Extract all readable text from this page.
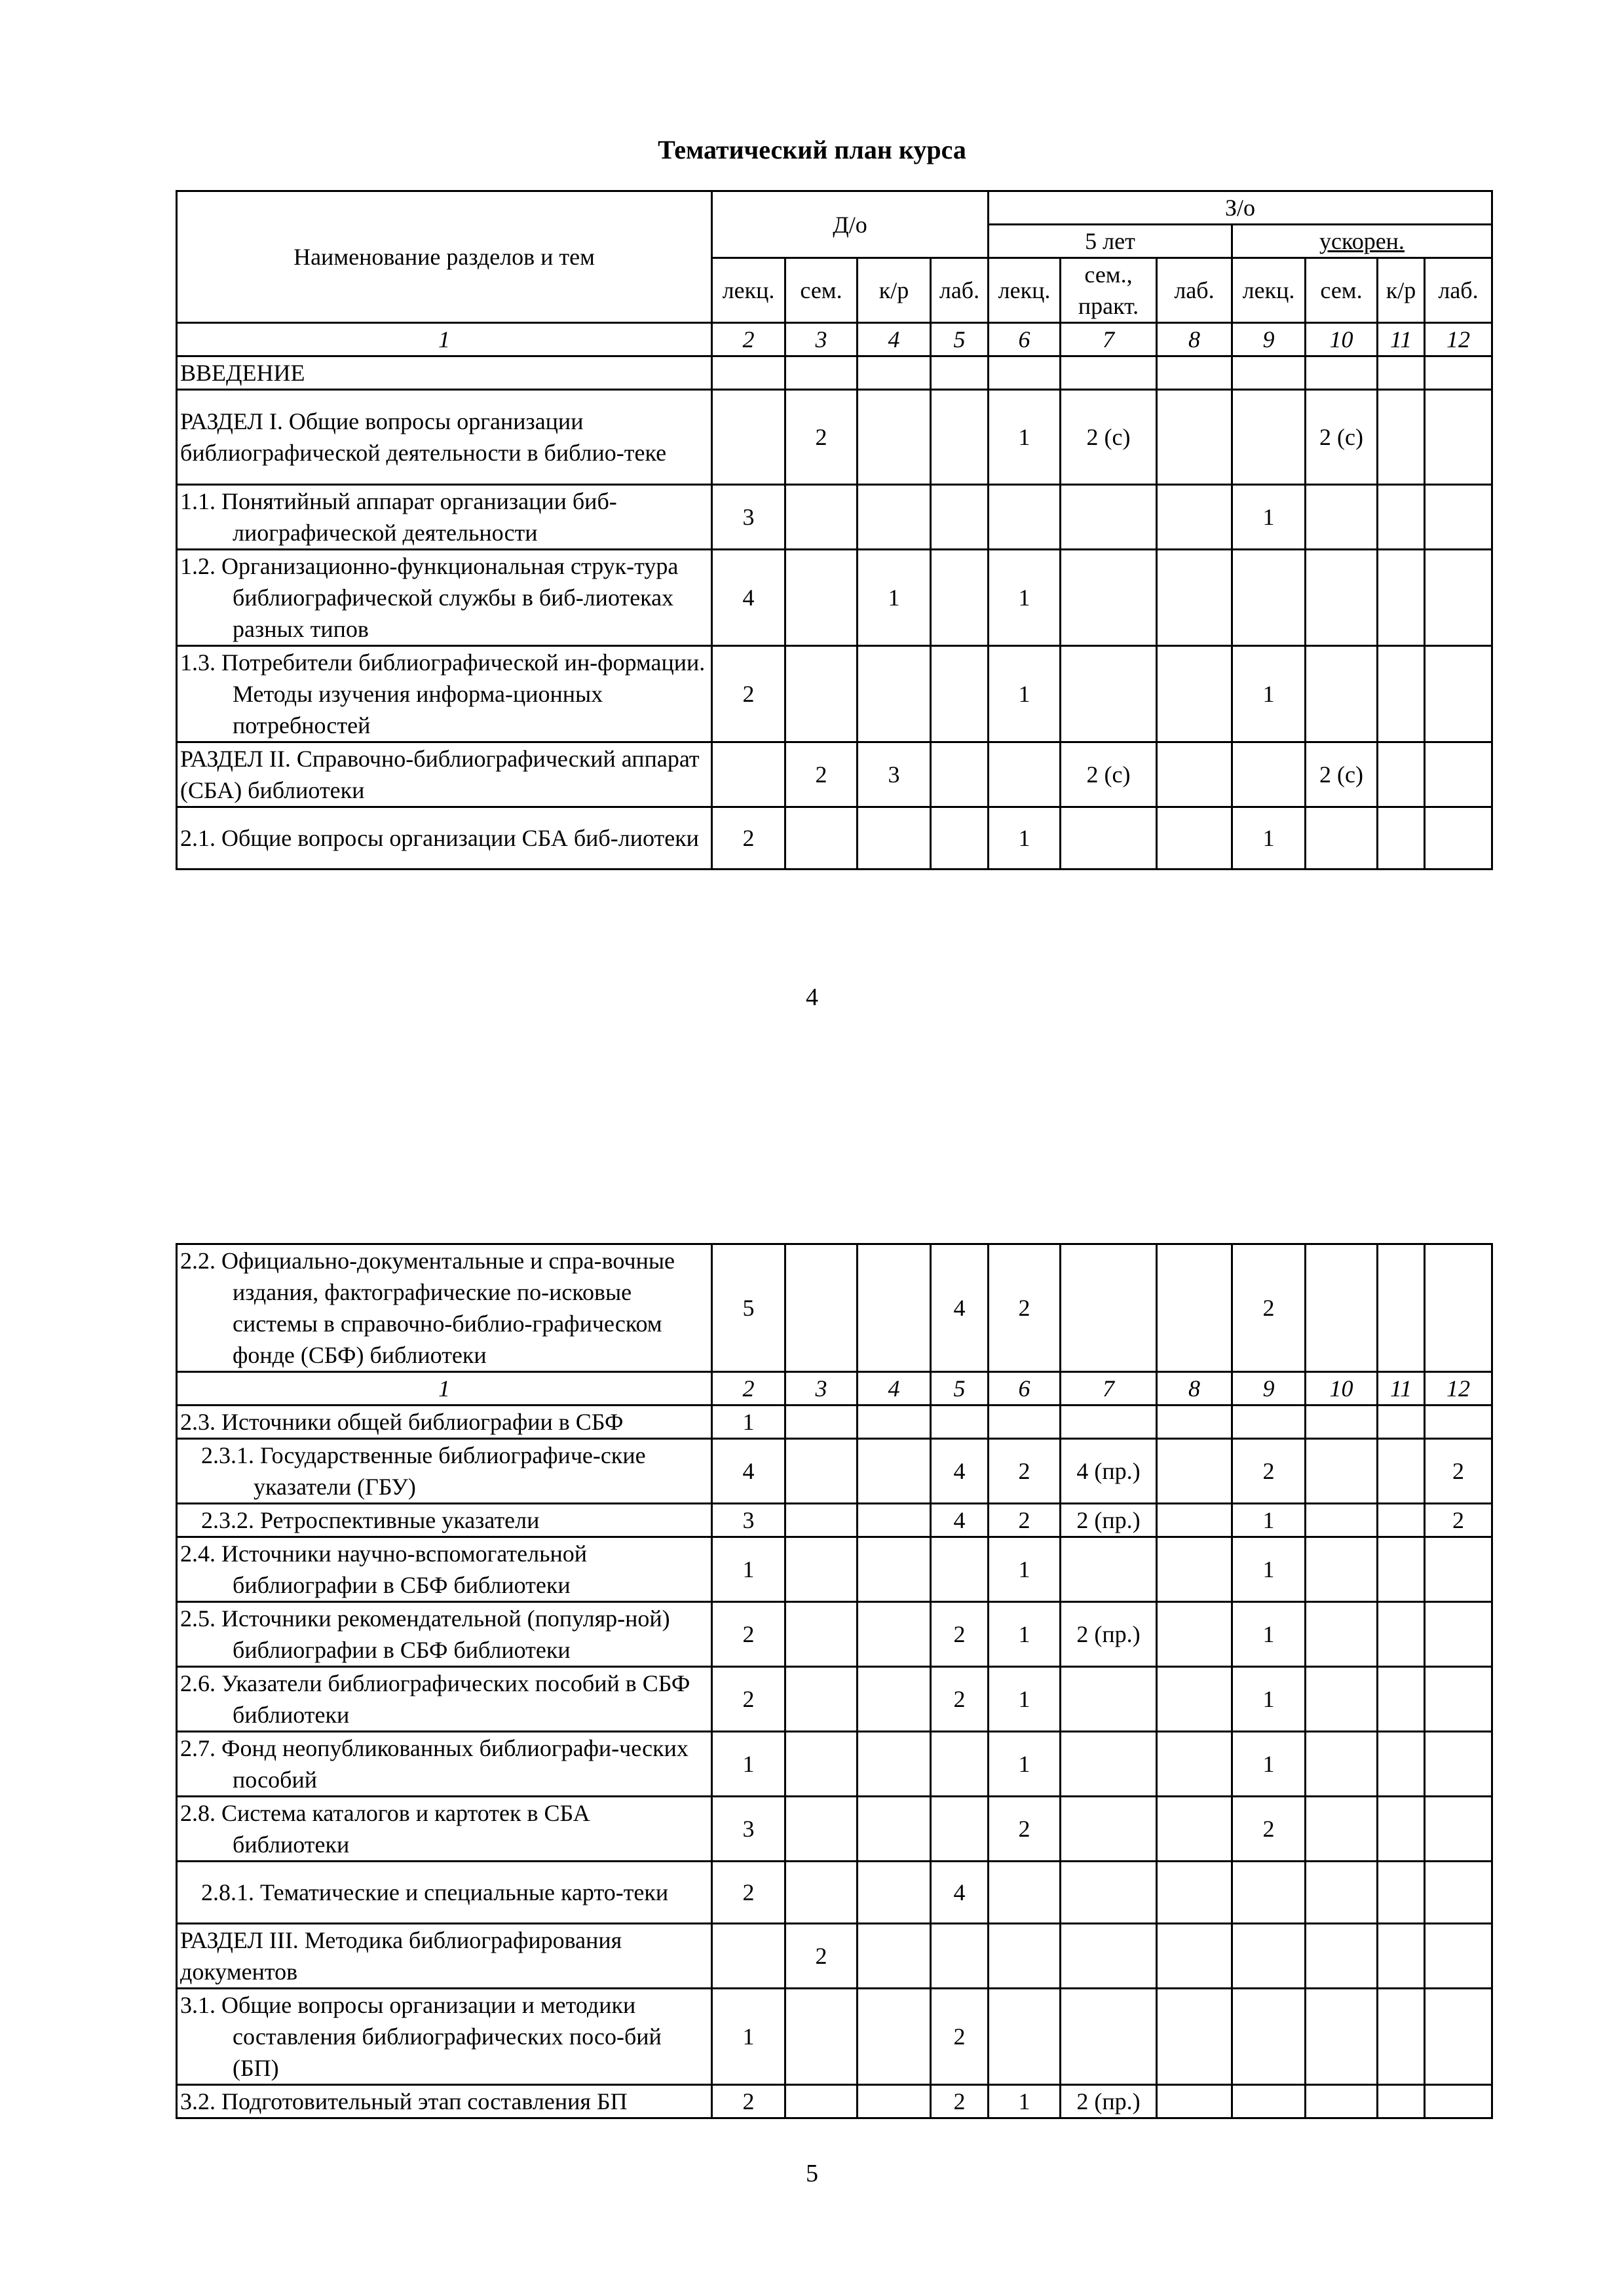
Тематический план курса
Наименование разделов и тем	Д/о				З/о						
					5 лет			ускорен.			
	лекц.	сем.	к/р	лаб.	лекц.	сем., практ.	лаб.	лекц.	сем.	к/р	лаб.
1	2	3	4	5	6	7	8	9	10	11	12

ВВЕДЕНИЕ											

РАЗДЕЛ I. Общие вопросы организации библиографической деятельности в библио-теке		2			1	2 (с)			2 (с)		

1.1. Понятийный аппарат организации биб-лиографической деятельности	3							1			

1.2. Организационно-функциональная струк-тура библиографической службы в биб-лиотеках разных типов	4		1		1						

1.3. Потребители библиографической ин-формации. Методы изучения информа-ционных потребностей	2				1			1			

РАЗДЕЛ II. Справочно-библиографический аппарат (СБА) библиотеки		2	3			2 (с)			2 (с)		

2.1. Общие вопросы организации СБА биб-лиотеки	2				1			1			
4
2.2. Официально-документальные и спра-вочные издания, фактографические по-исковые системы в справочно-библио-графическом фонде (СБФ) библиотеки	5			4	2			2			
1	2	3	4	5	6	7	8	9	10	11	12

2.3. Источники общей библиографии в СБФ	1										

2.3.1. Государственные библиографиче-ские указатели (ГБУ)	4			4	2	4 (пр.)		2			2

2.3.2. Ретроспективные указатели	3			4	2	2 (пр.)		1			2

2.4. Источники научно-вспомогательной библиографии в СБФ библиотеки	1				1			1			

2.5. Источники рекомендательной (популяр-ной) библиографии в СБФ библиотеки	2			2	1	2 (пр.)		1			

2.6. Указатели библиографических пособий в СБФ библиотеки	2			2	1			1			

2.7. Фонд неопубликованных библиографи-ческих пособий	1				1			1			

2.8. Система каталогов и картотек в СБА библиотеки	3				2			2			

2.8.1. Тематические и специальные карто-теки	2			4							

РАЗДЕЛ III. Методика библиографирования документов		2									

3.1. Общие вопросы организации и методики составления библиографических посо-бий (БП)	1			2							

3.2. Подготовительный этап составления БП	2			2	1	2 (пр.)					
5
